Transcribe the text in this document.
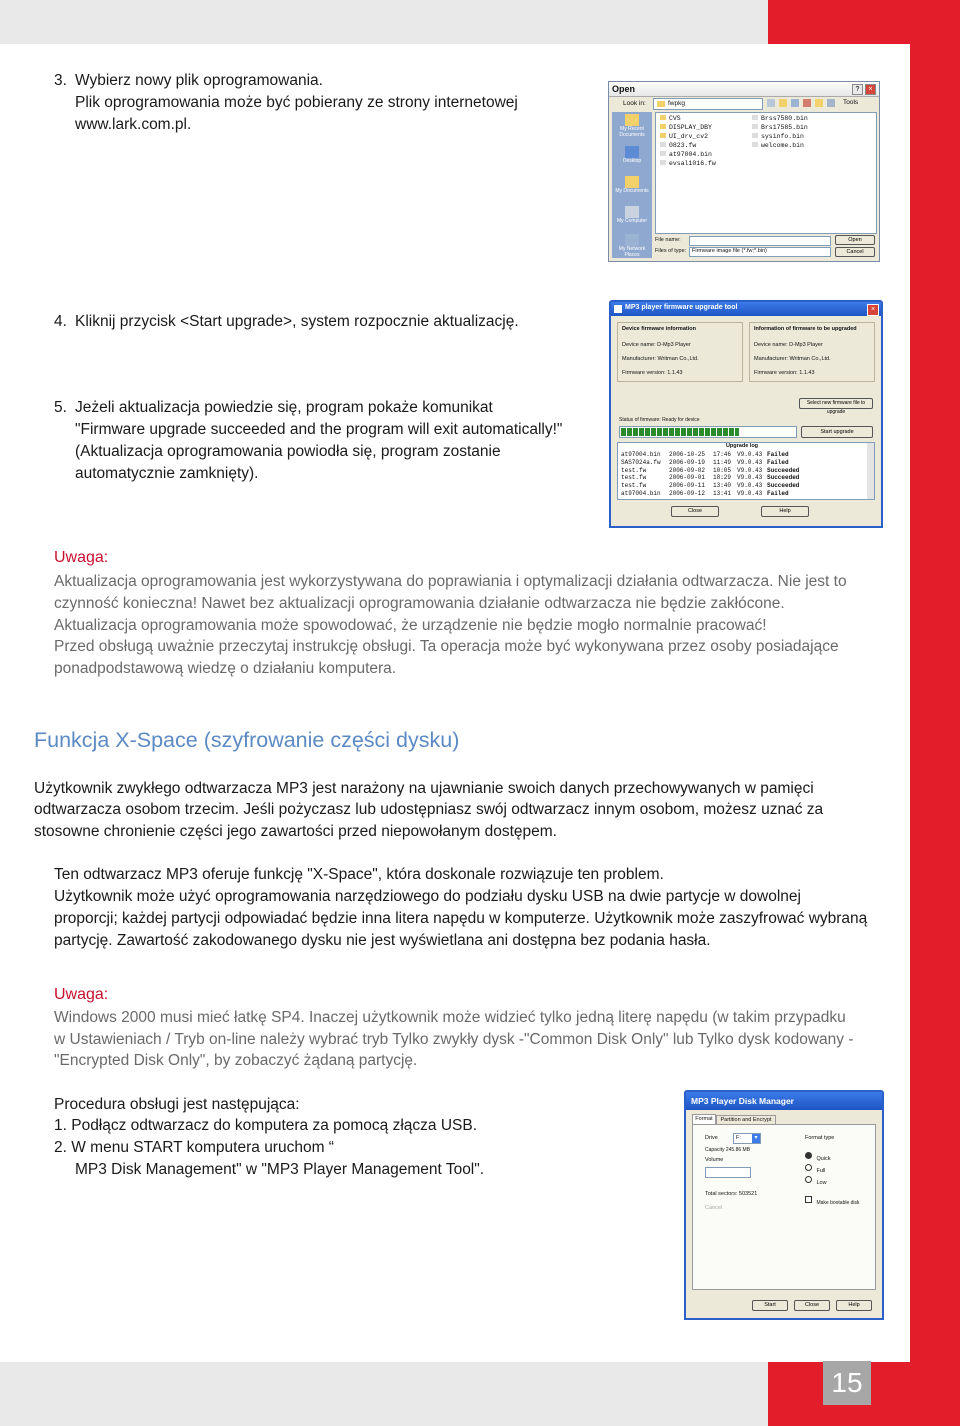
3. Wybierz nowy plik oprogramowania.
Plik oprogramowania może być pobierany ze strony internetowej
www.lark.com.pl.
4. Kliknij przycisk <Start upgrade>, system rozpocznie aktualizację.
5. Jeżeli aktualizacja powiedzie się, program pokaże komunikat
"Firmware upgrade succeeded and the program will exit automatically!"
(Aktualizacja oprogramowania powiodła się, program zostanie
automatycznie zamknięty).
Uwaga:
Aktualizacja oprogramowania jest wykorzystywana do poprawiania i optymalizacji działania odtwarzacza. Nie jest to
czynność konieczna! Nawet bez aktualizacji oprogramowania działanie odtwarzacza nie będzie zakłócone.
Aktualizacja oprogramowania może spowodować, że urządzenie nie będzie mogło normalnie pracować!
Przed obsługą uważnie przeczytaj instrukcję obsługi. Ta operacja może być wykonywana przez osoby posiadające
ponadpodstawową wiedzę o działaniu komputera.
Funkcja X-Space (szyfrowanie części dysku)
Użytkownik zwykłego odtwarzacza MP3 jest narażony na ujawnianie swoich danych przechowywanych w pamięci
odtwarzacza osobom trzecim. Jeśli pożyczasz lub udostępniasz swój odtwarzacz innym osobom, możesz uznać za
stosowne chronienie części jego zawartości przed niepowołanym dostępem.
Ten odtwarzacz MP3 oferuje funkcję "X-Space", która doskonale rozwiązuje ten problem.
Użytkownik może użyć oprogramowania narzędziowego do podziału dysku USB na dwie partycje w dowolnej
proporcji; każdej partycji odpowiadać będzie inna litera napędu w komputerze. Użytkownik może zaszyfrować wybraną
partycję. Zawartość zakodowanego dysku nie jest wyświetlana ani dostępna bez podania hasła.
Uwaga:
Windows 2000 musi mieć łatkę SP4. Inaczej użytkownik może widzieć tylko jedną literę napędu (w takim przypadku
w Ustawieniach / Tryb on-line należy wybrać tryb Tylko zwykły dysk -"Common Disk Only" lub Tylko dysk kodowany -
"Encrypted Disk Only", by zobaczyć żądaną partycję.
Procedura obsługi jest następująca:
1. Podłącz odtwarzacz do komputera za pomocą złącza USB.
2. W menu START komputera uruchom “
MP3 Disk Management" w "MP3 Player Management Tool".
Open	?	×
Look in:	fwpkg	Tools
My Recent Documents
Desktop
My Documents
My Computer
My Network Places
CVS
DISPLAY_DBY
UI_drv_cv2
0823.fw
at97004.bin
evsal1016.fw
Brss7580.bin
Brs17585.bin
sysinfo.bin
welcome.bin
File name:
Files of type: Firmware image file (*.fw;*.bin)
Open
Cancel
MP3 player firmware upgrade tool	×
Device firmware information
Device name: D-Mp3 Player
Manufacturer: Writman Co.,Ltd.
Firmware version: 1.1.43
Information of firmware to be upgraded
Device name: D-Mp3 Player
Manufacturer: Writman Co.,Ltd.
Firmware version: 1.1.43
Select new firmware file to upgrade
Status of firmware: Ready for device
Start upgrade
Upgrade log
at97004.bin 2006-10-25 17:46 V9.0.43 Failed
SAS7024a.fw 2006-09-19 11:49 V9.0.43 Failed
test.fw	2006-09-02 10:05 V9.0.43 Succeeded
test.fw	2006-09-01 18:29 V9.0.43 Succeeded
test.fw	2006-09-11 13:40 V9.0.43 Succeeded
at97004.bin 2006-09-12 13:41 V9.0.43 Failed
Close	Help
MP3 Player Disk Manager
Format	Partition and Encrypt
Drive	F:	▾
Capacity 245.86 MB
Volume
Format type
Quick
Full
Low
Total sectors: 503521
Make bootable disk
Cancel
Start	Close	Help
15
